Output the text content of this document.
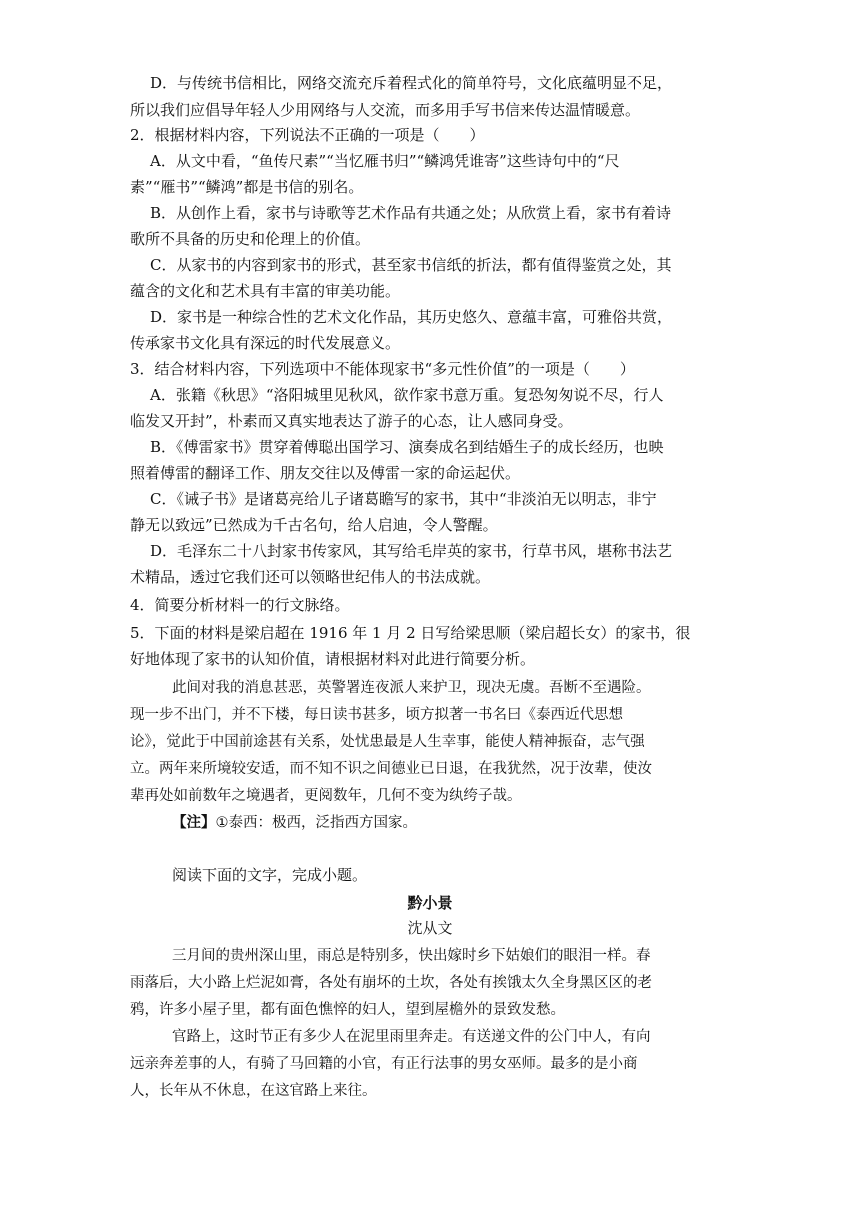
D．与传统书信相比，网络交流充斥着程式化的简单符号，文化底蕴明显不足，

所以我们应倡导年轻人少用网络与人交流，而多用手写书信来传达温情暖意。

2．根据材料内容，下列说法不正确的一项是（　　）

A．从文中看，“鱼传尺素”“当忆雁书归”“鳞鸿凭谁寄”这些诗句中的“尺

素”“雁书”“鳞鸿”都是书信的别名。

B．从创作上看，家书与诗歌等艺术作品有共通之处；从欣赏上看，家书有着诗

歌所不具备的历史和伦理上的价值。

C．从家书的内容到家书的形式，甚至家书信纸的折法，都有值得鉴赏之处，其

蕴含的文化和艺术具有丰富的审美功能。

D．家书是一种综合性的艺术文化作品，其历史悠久、意蕴丰富，可雅俗共赏，

传承家书文化具有深远的时代发展意义。

3．结合材料内容，下列选项中不能体现家书“多元性价值”的一项是（　　）

A．张籍《秋思》“洛阳城里见秋风，欲作家书意万重。复恐匆匆说不尽，行人

临发又开封”，朴素而又真实地表达了游子的心态，让人感同身受。

B．《傅雷家书》贯穿着傅聪出国学习、演奏成名到结婚生子的成长经历，也映

照着傅雷的翻译工作、朋友交往以及傅雷一家的命运起伏。

C．《诫子书》是诸葛亮给儿子诸葛瞻写的家书，其中“非淡泊无以明志，非宁

静无以致远”已然成为千古名句，给人启迪，令人警醒。

D．毛泽东二十八封家书传家风，其写给毛岸英的家书，行草书风，堪称书法艺

术精品，透过它我们还可以领略世纪伟人的书法成就。

4．简要分析材料一的行文脉络。

5．下面的材料是梁启超在 1916 年 1 月 2 日写给梁思顺（梁启超长女）的家书，很

好地体现了家书的认知价值，请根据材料对此进行简要分析。

此间对我的消息甚恶，英警署连夜派人来护卫，现决无虞。吾断不至遇险。

现一步不出门，并不下楼，每日读书甚多，顷方拟著一书名曰《泰西近代思想

论》，觉此于中国前途甚有关系，处忧患最是人生幸事，能使人精神振奋，志气强

立。两年来所境较安适，而不知不识之间德业已日退，在我犹然，况于汝辈，使汝

辈再处如前数年之境遇者，更阅数年，几何不变为纨绔子哉。

【注】①泰西：极西，泛指西方国家。

阅读下面的文字，完成小题。

黔小景

沈从文

三月间的贵州深山里，雨总是特别多，快出嫁时乡下姑娘们的眼泪一样。春

雨落后，大小路上烂泥如膏，各处有崩坏的土坎，各处有挨饿太久全身黑区区的老

鸦，许多小屋子里，都有面色憔悴的妇人，望到屋檐外的景致发愁。

官路上，这时节正有多少人在泥里雨里奔走。有送递文件的公门中人，有向

远亲奔差事的人，有骑了马回籍的小官，有正行法事的男女巫师。最多的是小商

人，长年从不休息，在这官路上来往。
